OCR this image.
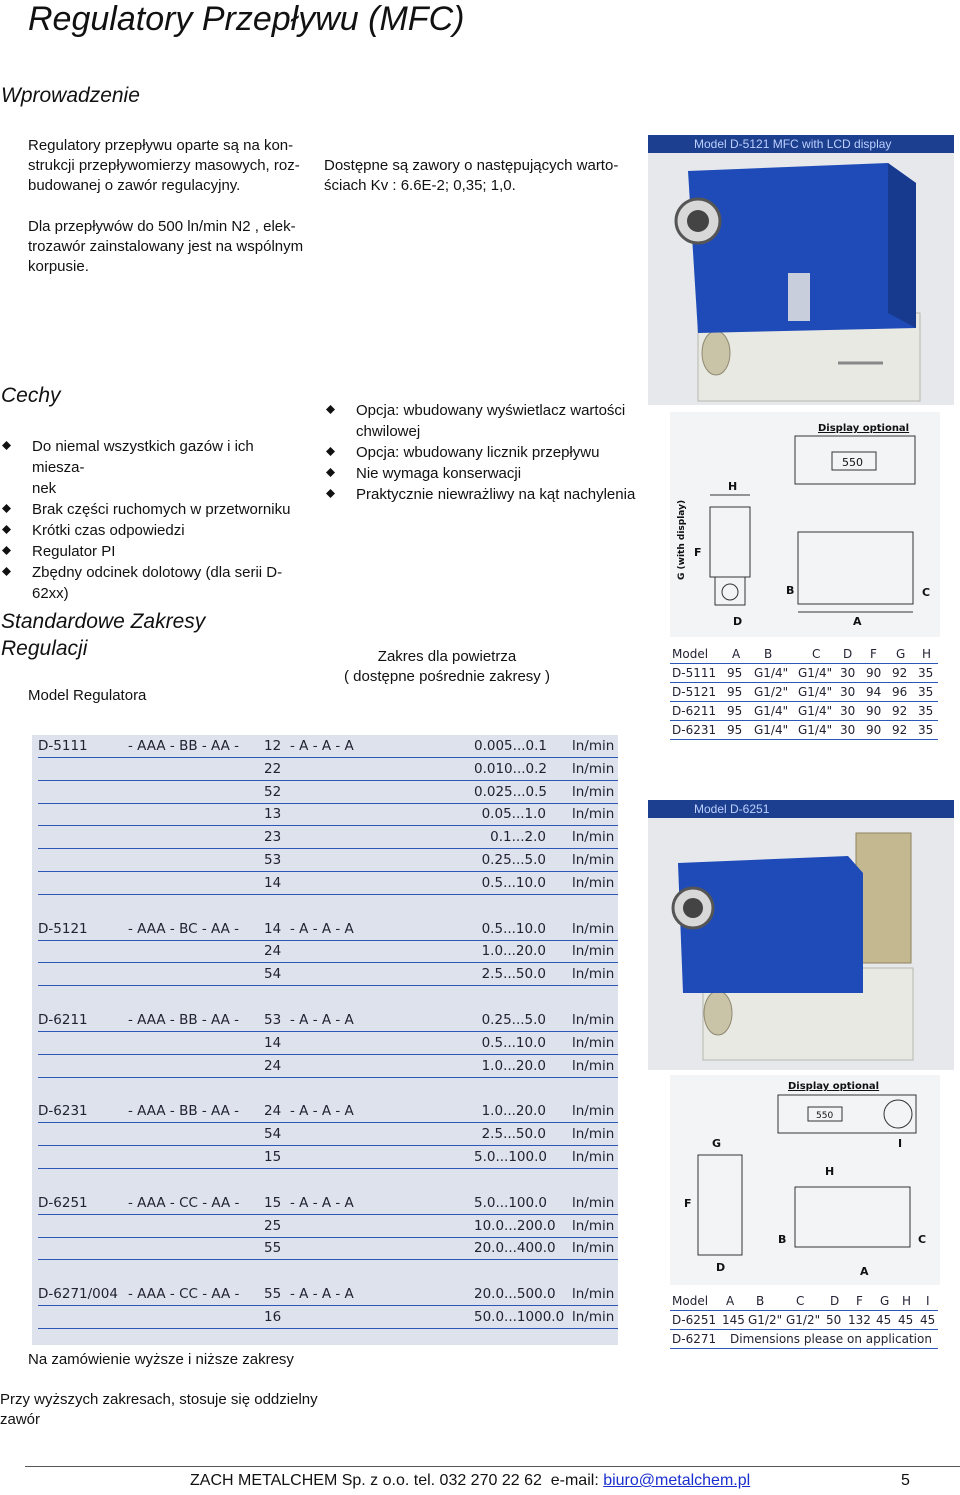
Regulatory Przepływu (MFC)
Wprowadzenie

Regulatory przepływu oparte są na kon-
strukcji przepływomierzy masowych, roz-
budowanej o zawór regulacyjny.

Dla przepływów do 500 ln/min N2 , elek-
trozawór zainstalowany jest na wspólnym
korpusie.

Dostępne są zawory o następujących warto-
ściach Kv : 6.6E-2; 0,35; 1,0.

Model D-5121 MFC with LCD display
Cechy
Do niemal wszystkich gazów i ich miesza-
nek
Brak części ruchomych w przetworniku
Krótki czas odpowiedzi
Regulator PI
Zbędny odcinek dolotowy (dla serii D-
62xx)
Opcja: wbudowany wyświetlacz wartości
chwilowej
Opcja: wbudowany licznik przepływu
Nie wymaga konserwacji
Praktycznie niewrażliwy na kąt nachylenia
Display optional
550
H
F
G (with display)
B	C
A
D
Model A B	C D F G H
D-5111 95 G1/4" G1/4" 30 90 92 35
D-5121 95 G1/2" G1/4" 30 94 96 35
D-6211 95 G1/4" G1/4" 30 90 92 35
D-6231 95 G1/4" G1/4" 30 90 92 35
Standardowe Zakresy
Regulacji

Model Regulatora

Zakres dla powietrza
( dostępne pośrednie zakresy )

D-5111	- AAA - BB - AA - 12 - A - A - A	0.005...0.1 ln/min
22	0.010...0.2 ln/min
52	0.025...0.5 ln/min
13	0.05...1.0 ln/min
23	0.1...2.0 ln/min
53	0.25...5.0 ln/min
14	0.5...10.0 ln/min
D-5121	- AAA - BC - AA - 14 - A - A - A	0.5...10.0 ln/min
24	1.0...20.0 ln/min
54	2.5...50.0 ln/min
D-6211	- AAA - BB - AA - 53 - A - A - A	0.25...5.0 ln/min
14	0.5...10.0 ln/min
24	1.0...20.0 ln/min
D-6231	- AAA - BB - AA - 24 - A - A - A	1.0...20.0 ln/min
54	2.5...50.0 ln/min
15	5.0...100.0 ln/min
D-6251	- AAA - CC - AA - 15 - A - A - A	5.0...100.0 ln/min
25	10.0...200.0 ln/min
55	20.0...400.0 ln/min
D-6271/004 - AAA - CC - AA - 55 - A - A - A	20.0...500.0 ln/min
16	50.0...1000.0 ln/min
Model D-6251
Display optional
550
G	I
H
F
B	C
D	A
Model A B	C D F G H I
D-6251 145 G1/2" G1/2" 50 132 45 45 45
D-6271 Dimensions please on application

Na zamówienie wyższe i niższe zakresy

Przy wyższych zakresach, stosuje się oddzielny
zawór

ZACH METALCHEM Sp. z o.o. tel. 032 270 22 62  e-mail: biuro@metalchem.pl	5
